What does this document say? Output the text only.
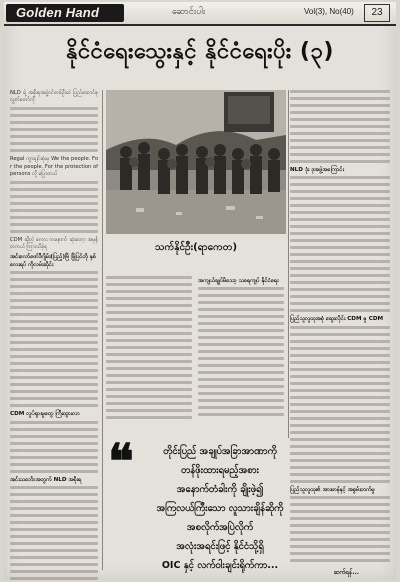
Golden Hand	ဆောင်းပါး	Vol(3), No(40)	23
နိုင်ငံရေးသွေးနှင့် နိုင်ငံရေးပိုး (၃)

NLD ရဲ့ အစိုးရအဖွဲ့ဝင်တစ်ဦးထဲ ပြည်ထောင်စုလွှတ်တော်ကို

Regal ကွာချင်ဆုံးမှ We the people. For the people. For the protection of persons လို့ ပြောတယ်

CDM ဆိုတဲ့ စကား ကနောက် ဆုံးတော့ အမှန်တကယ် ကြားသိခဲ့ရ

အင်းလော်ဖော်ဒီဂျိမ်း(ပြည့်)ဗြိ ဖြိုပြင်တို နှစ်လေးရပ် ကိုလမ်းဆိုင်း
CDM လှုပ်ရှားမှုတွေ ကြီးထွားလာ
အင်းသင်္ဘောအတွက် NLD အစိုးရ
သက်နိုင်ဦး(ရာကေတ)
အကျယ်ချုပ်မိသော့ သရေကျပ် နိုင်ငံရေး
❝	တိုင်းပြည် အချုပ်အခြာအာဏာကို
တန်ဖိုးထားရမည့်အစား
အနောက်တံခါးကို ချိုးဖဲ့၍
အကြလယ်ကြီးသော လူသားချိန်ဆိုကို
အစလိုက်အပြဲလိုက်
အလုံးအရင်းဖြင့် နိုင်ငံသို့ရှိ
OIC နှင့် လက်ဝါးချင်းရိုက်ကာ...
NLD ဒုံး ဒုအဖွဲ့အကြောင်း
ပြည်သူလူထုအစုံ ဆွေးလိုင်း CDM ဇူ CDM
ပြည်သူလူထု၏ အားမာန်နှင့် အစွမ်းတက်မှု
ဆက်ရန်...
